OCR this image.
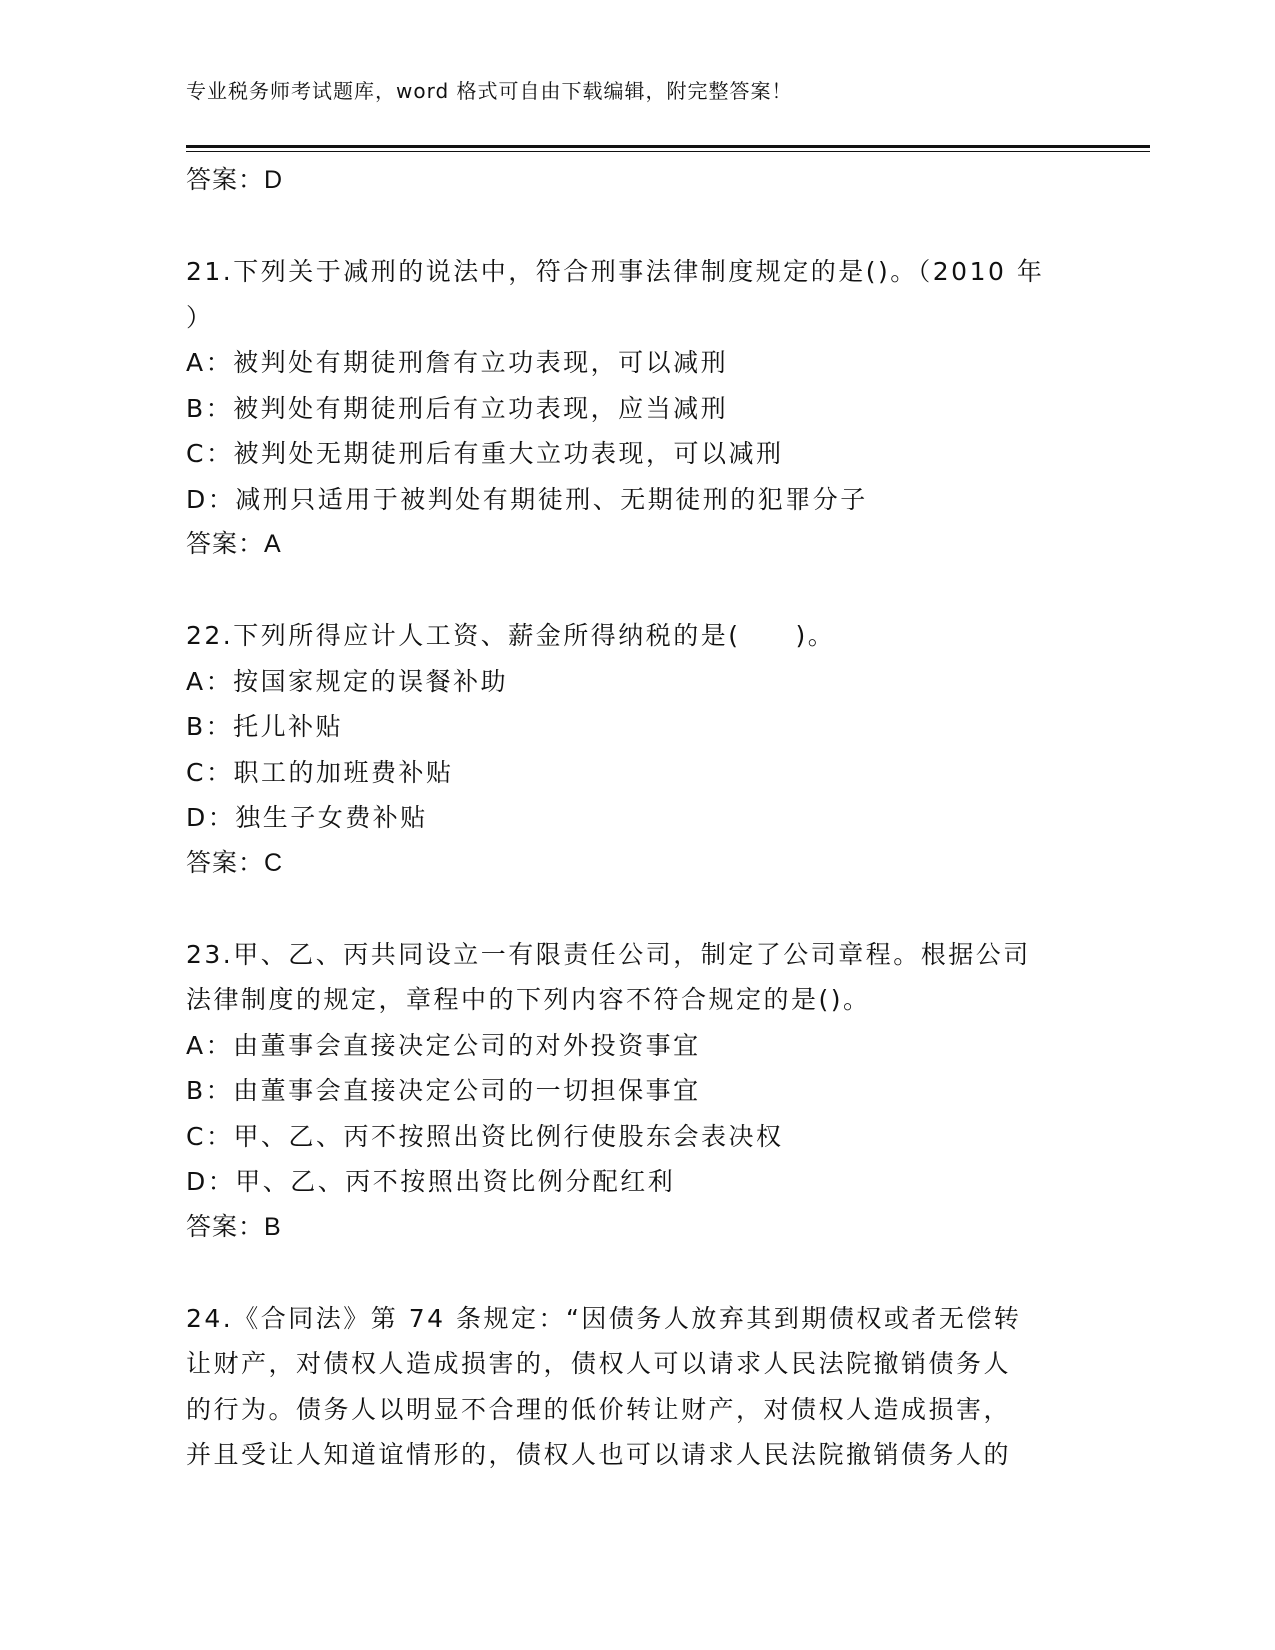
专业税务师考试题库，word 格式可自由下载编辑，附完整答案！
答案：D
21.下列关于减刑的说法中，符合刑事法律制度规定的是()。（2010 年
）
A：被判处有期徒刑詹有立功表现，可以减刑
B：被判处有期徒刑后有立功表现，应当减刑
C：被判处无期徒刑后有重大立功表现，可以减刑
D：减刑只适用于被判处有期徒刑、无期徒刑的犯罪分子
答案：A
22.下列所得应计人工资、薪金所得纳税的是(　　)。
A：按国家规定的误餐补助
B：托儿补贴
C：职工的加班费补贴
D：独生子女费补贴
答案：C
23.甲、乙、丙共同设立一有限责任公司，制定了公司章程。根据公司
法律制度的规定，章程中的下列内容不符合规定的是()。
A：由董事会直接决定公司的对外投资事宜
B：由董事会直接决定公司的一切担保事宜
C：甲、乙、丙不按照出资比例行使股东会表决权
D：甲、乙、丙不按照出资比例分配红利
答案：B
24.《合同法》第 74 条规定：“因债务人放弃其到期债权或者无偿转
让财产，对债权人造成损害的，债权人可以请求人民法院撤销债务人
的行为。债务人以明显不合理的低价转让财产，对债权人造成损害，
并且受让人知道谊情形的，债权人也可以请求人民法院撤销债务人的
